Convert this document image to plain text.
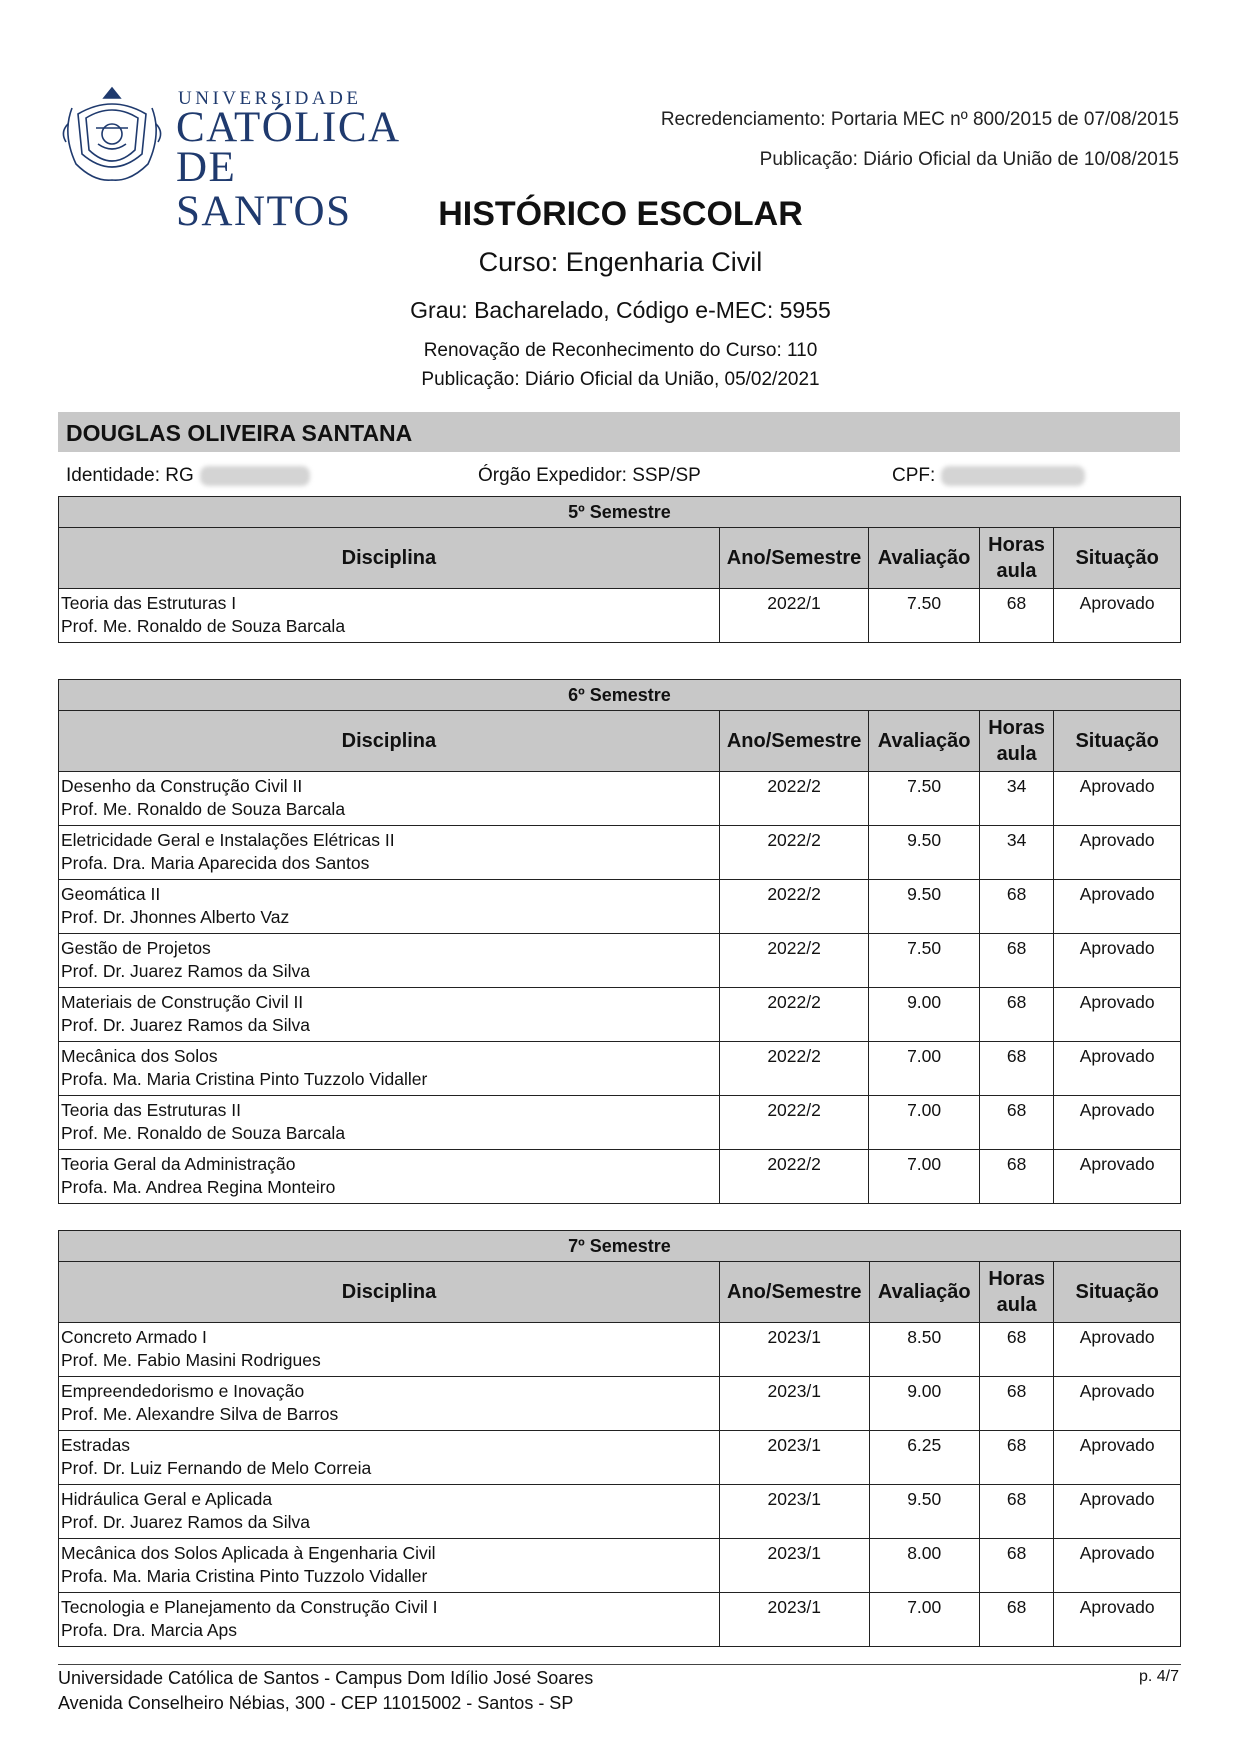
UNIVERSIDADE
CATÓLICA
DE SANTOS
Recredenciamento: Portaria MEC nº 800/2015 de 07/08/2015
Publicação: Diário Oficial da União de 10/08/2015
HISTÓRICO ESCOLAR
Curso: Engenharia Civil
Grau: Bacharelado, Código e-MEC: 5955
Renovação de Reconhecimento do Curso: 110
Publicação: Diário Oficial da União, 05/02/2021
DOUGLAS OLIVEIRA SANTANA
Identidade: RG	Órgão Expedidor: SSP/SP	CPF:
5º Semestre				
Disciplina	Ano/Semestre	Avaliação	Horas
aula	Situação

Teoria das Estruturas I
Prof. Me. Ronaldo de Souza Barcala	2022/1	7.50	68	Aprovado
6º Semestre				
Disciplina	Ano/Semestre	Avaliação	Horas
aula	Situação

Desenho da Construção Civil II
Prof. Me. Ronaldo de Souza Barcala	2022/2	7.50	34	Aprovado

Eletricidade Geral e Instalações Elétricas II
Profa. Dra. Maria Aparecida dos Santos	2022/2	9.50	34	Aprovado

Geomática II
Prof. Dr. Jhonnes Alberto Vaz	2022/2	9.50	68	Aprovado

Gestão de Projetos
Prof. Dr. Juarez Ramos da Silva	2022/2	7.50	68	Aprovado

Materiais de Construção Civil II
Prof. Dr. Juarez Ramos da Silva	2022/2	9.00	68	Aprovado

Mecânica dos Solos
Profa. Ma. Maria Cristina Pinto Tuzzolo Vidaller	2022/2	7.00	68	Aprovado

Teoria das Estruturas II
Prof. Me. Ronaldo de Souza Barcala	2022/2	7.00	68	Aprovado

Teoria Geral da Administração
Profa. Ma. Andrea Regina Monteiro	2022/2	7.00	68	Aprovado
7º Semestre				
Disciplina	Ano/Semestre	Avaliação	Horas
aula	Situação

Concreto Armado I
Prof. Me. Fabio Masini Rodrigues	2023/1	8.50	68	Aprovado

Empreendedorismo e Inovação
Prof. Me. Alexandre Silva de Barros	2023/1	9.00	68	Aprovado

Estradas
Prof. Dr. Luiz Fernando de Melo Correia	2023/1	6.25	68	Aprovado

Hidráulica Geral e Aplicada
Prof. Dr. Juarez Ramos da Silva	2023/1	9.50	68	Aprovado

Mecânica dos Solos Aplicada à Engenharia Civil
Profa. Ma. Maria Cristina Pinto Tuzzolo Vidaller	2023/1	8.00	68	Aprovado

Tecnologia e Planejamento da Construção Civil I
Profa. Dra. Marcia Aps	2023/1	7.00	68	Aprovado
Universidade Católica de Santos - Campus Dom Idílio José Soares
Avenida Conselheiro Nébias, 300 - CEP 11015002 - Santos - SP
p. 4/7
